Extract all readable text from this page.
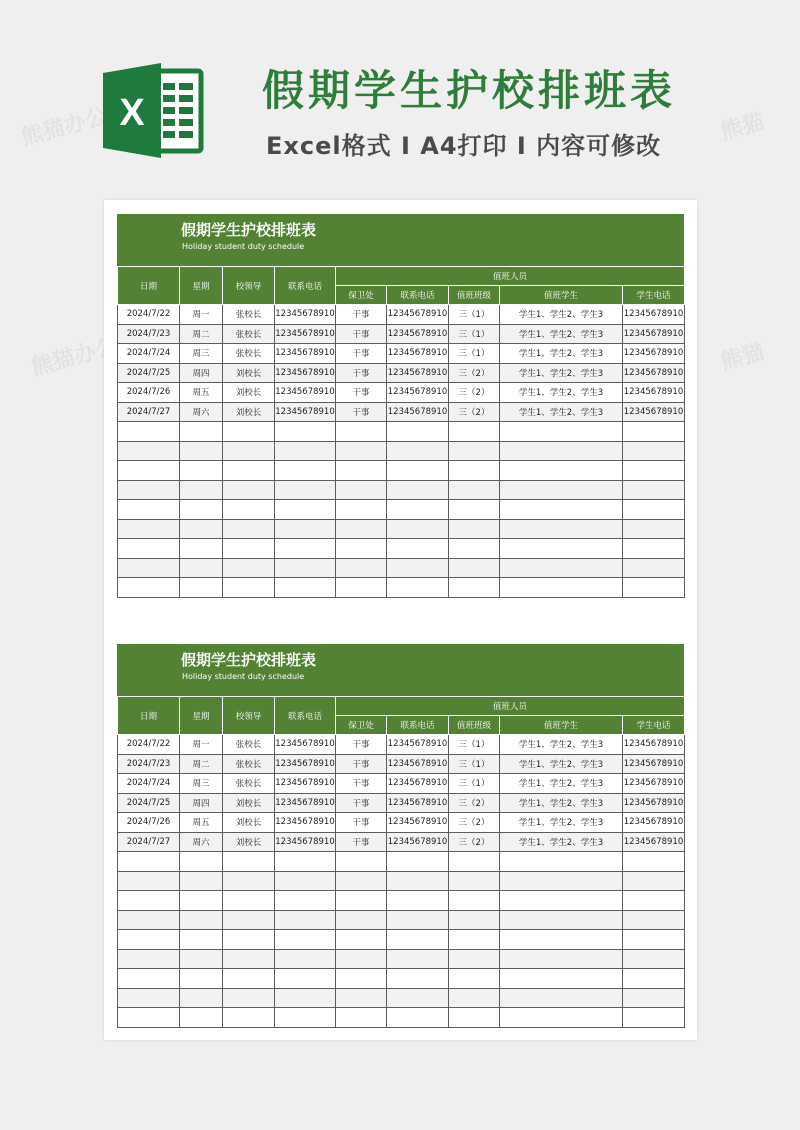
熊猫办公	熊猫
熊猫办公	熊猫
X	假期学生护校排班表
Excel格式 I A4打印 I 内容可修改
假期学生护校排班表
Holiday student duty schedule
日期	星期	校领导	联系电话	值班人员				
				保卫处	联系电话	值班班级	值班学生	学生电话
2024/7/22	周一	张校长	12345678910	干事	12345678910	三（1）	学生1、学生2、学生3	12345678910
2024/7/23	周二	张校长	12345678910	干事	12345678910	三（1）	学生1、学生2、学生3	12345678910
2024/7/24	周三	张校长	12345678910	干事	12345678910	三（1）	学生1、学生2、学生3	12345678910
2024/7/25	周四	刘校长	12345678910	干事	12345678910	三（2）	学生1、学生2、学生3	12345678910
2024/7/26	周五	刘校长	12345678910	干事	12345678910	三（2）	学生1、学生2、学生3	12345678910
2024/7/27	周六	刘校长	12345678910	干事	12345678910	三（2）	学生1、学生2、学生3	12345678910

假期学生护校排班表
Holiday student duty schedule
日期	星期	校领导	联系电话	值班人员				
				保卫处	联系电话	值班班级	值班学生	学生电话
2024/7/22	周一	张校长	12345678910	干事	12345678910	三（1）	学生1、学生2、学生3	12345678910
2024/7/23	周二	张校长	12345678910	干事	12345678910	三（1）	学生1、学生2、学生3	12345678910
2024/7/24	周三	张校长	12345678910	干事	12345678910	三（1）	学生1、学生2、学生3	12345678910
2024/7/25	周四	刘校长	12345678910	干事	12345678910	三（2）	学生1、学生2、学生3	12345678910
2024/7/26	周五	刘校长	12345678910	干事	12345678910	三（2）	学生1、学生2、学生3	12345678910
2024/7/27	周六	刘校长	12345678910	干事	12345678910	三（2）	学生1、学生2、学生3	12345678910
